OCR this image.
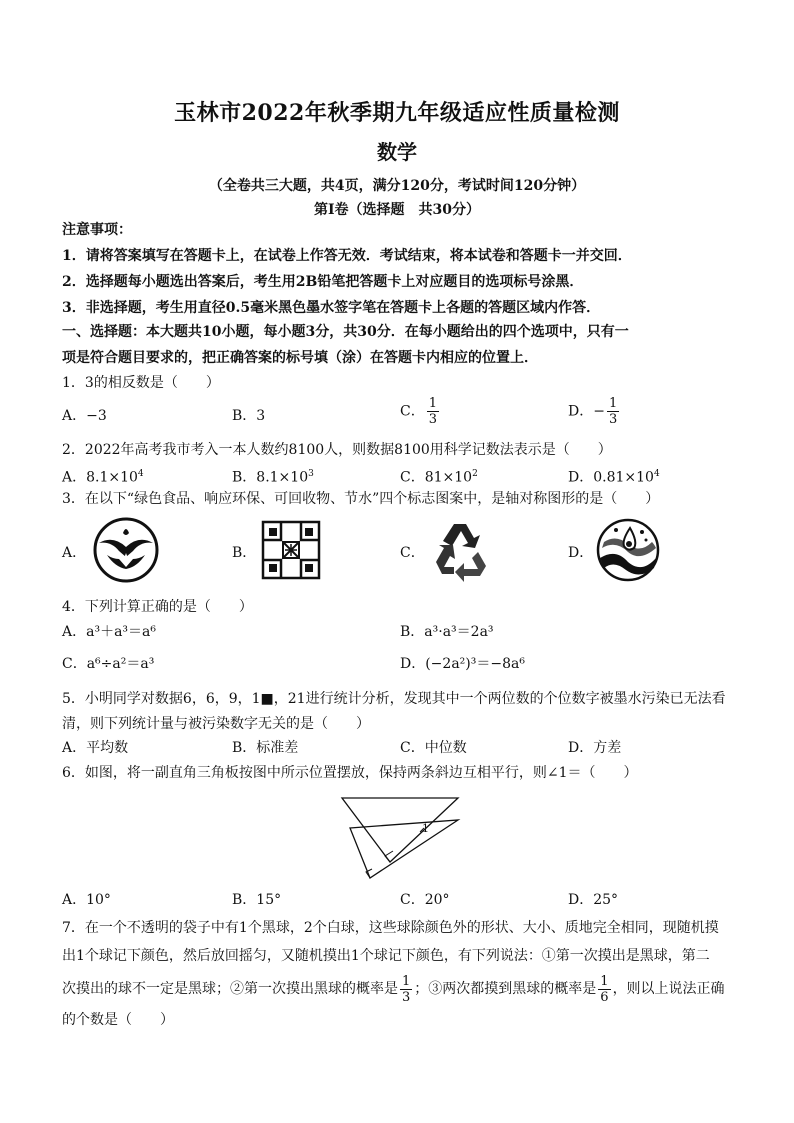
玉林市2022年秋季期九年级适应性质量检测
数学
（全卷共三大题，共4页，满分120分，考试时间120分钟）
第Ⅰ卷（选择题　共30分）
注意事项：
1．请将答案填写在答题卡上，在试卷上作答无效．考试结束，将本试卷和答题卡一并交回．
2．选择题每小题选出答案后，考生用2B铅笔把答题卡上对应题目的选项标号涂黑．
3．非选择题，考生用直径0.5毫米黑色墨水签字笔在答题卡上各题的答题区域内作答．
一、选择题：本大题共10小题，每小题3分，共30分．在每小题给出的四个选项中，只有一
项是符合题目要求的，把正确答案的标号填（涂）在答题卡内相应的位置上．
1．3的相反数是（　　）
A．−3	B．3	C． $\frac{1}{3}$	D．− $\frac{1}{3}$
2．2022年高考我市考入一本人数约8100人，则数据8100用科学记数法表示是（　　）
A．$8.1\times 10^4$	B．$8.1\times 10^3$	C．$81\times 10^2$	D．$0.81\times 10^4$
3．在以下“绿色食品、响应环保、可回收物、节水”四个标志图案中，是轴对称图形的是（　　）
A．	B．	C．	D．
4．下列计算正确的是（　　）
A．a³＋a³＝a⁶	B．a³·a³＝2a³
C．a⁶÷a²＝a³	D．(−2a²)³＝−8a⁶
5．小明同学对数据6，6，9，1■，21进行统计分析，发现其中一个两位数的个位数字被墨水污染已无法看
清，则下列统计量与被污染数字无关的是（　　）
A．平均数	B．标准差	C．中位数	D．方差
6．如图，将一副直角三角板按图中所示位置摆放，保持两条斜边互相平行，则∠1＝（　　）
1
A．10°	B．15°	C．20°	D．25°
7．在一个不透明的袋子中有1个黑球，2个白球，这些球除颜色外的形状、大小、质地完全相同，现随机摸
出1个球记下颜色，然后放回摇匀，又随机摸出1个球记下颜色，有下列说法：①第一次摸出是黑球，第二
次摸出的球不一定是黑球；②第一次摸出黑球的概率是 $\frac{1}{3}$ ；③两次都摸到黑球的概率是 $\frac{1}{6}$ ，则以上说法正确
的个数是（　　）
